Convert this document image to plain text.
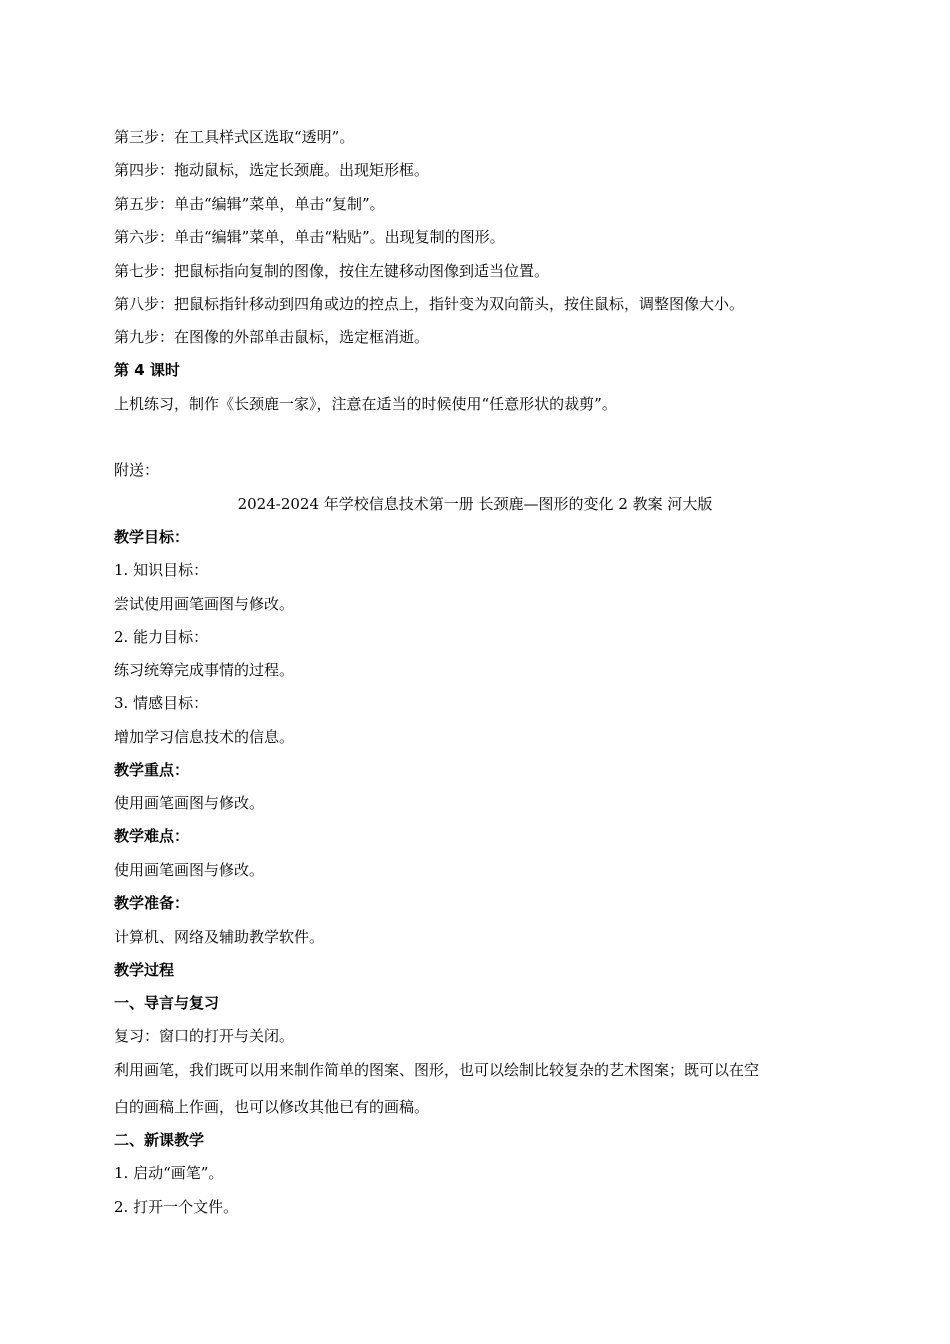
第三步：在工具样式区选取“透明”。
第四步：拖动鼠标，选定长颈鹿。出现矩形框。
第五步：单击“编辑”菜单，单击“复制”。
第六步：单击“编辑”菜单，单击“粘贴”。出现复制的图形。
第七步：把鼠标指向复制的图像，按住左键移动图像到适当位置。
第八步：把鼠标指针移动到四角或边的控点上，指针变为双向箭头，按住鼠标，调整图像大小。
第九步：在图像的外部单击鼠标，选定框消逝。
第 4 课时
上机练习，制作《长颈鹿一家》，注意在适当的时候使用“任意形状的裁剪”。
附送：
2024-2024 年学校信息技术第一册 长颈鹿—图形的变化 2 教案 河大版
教学目标：
1. 知识目标：
尝试使用画笔画图与修改。
2. 能力目标：
练习统筹完成事情的过程。
3. 情感目标：
增加学习信息技术的信息。
教学重点：
使用画笔画图与修改。
教学难点：
使用画笔画图与修改。
教学准备：
计算机、网络及辅助教学软件。
教学过程
一、导言与复习
复习：窗口的打开与关闭。
利用画笔，我们既可以用来制作简单的图案、图形，也可以绘制比较复杂的艺术图案；既可以在空
白的画稿上作画，也可以修改其他已有的画稿。
二、新课教学
1. 启动“画笔”。
2. 打开一个文件。
